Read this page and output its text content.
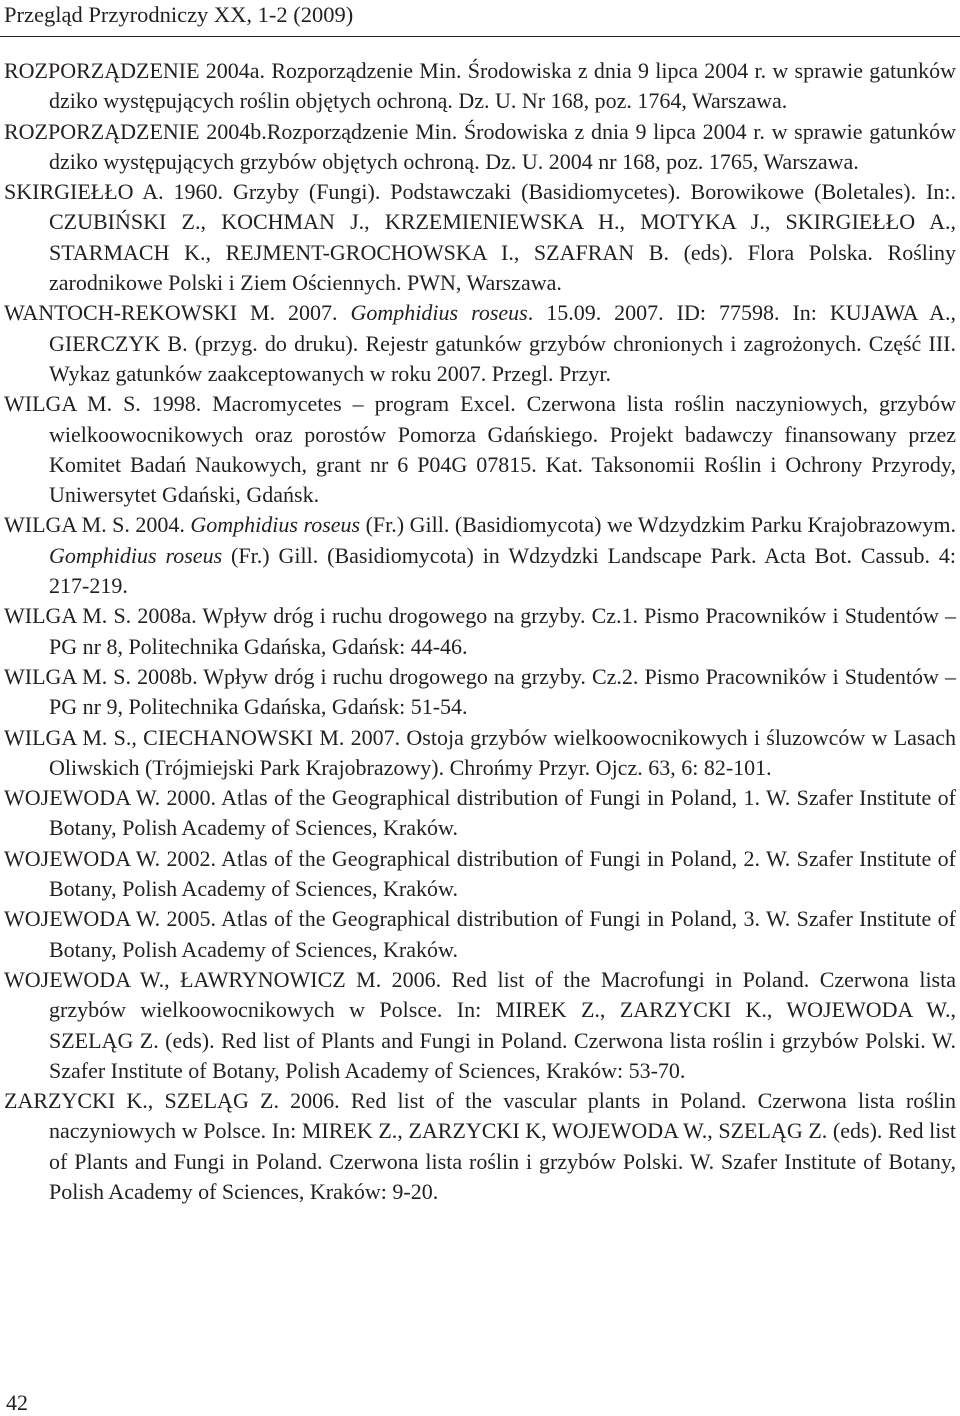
Przegląd Przyrodniczy XX, 1-2 (2009)
ROZPORZĄDZENIE 2004a. Rozporządzenie Min. Środowiska z dnia 9 lipca 2004 r. w sprawie gatunków dziko występujących roślin objętych ochroną. Dz. U. Nr 168, poz. 1764, Warszawa.
ROZPORZĄDZENIE 2004b.Rozporządzenie Min. Środowiska z dnia 9 lipca 2004 r. w sprawie gatunków dziko występujących grzybów objętych ochroną. Dz. U. 2004 nr 168, poz. 1765, Warszawa.
SKIRGIEŁŁO A. 1960. Grzyby (Fungi). Podstawczaki (Basidiomycetes). Borowikowe (Boletales). In:. CZUBIŃSKI Z., KOCHMAN J., KRZEMIENIEWSKA H., MOTYKA J., SKIRGIEŁŁO A., STARMACH K., REJMENT-GROCHOWSKA I., SZAFRAN B. (eds). Flora Polska. Rośliny zarodnikowe Polski i Ziem Ościennych. PWN, Warszawa.
WANTOCH-REKOWSKI M. 2007. Gomphidius roseus. 15.09. 2007. ID: 77598. In: KUJAWA A., GIERCZYK B. (przyg. do druku). Rejestr gatunków grzybów chronionych i zagrożonych. Część III. Wykaz gatunków zaakceptowanych w roku 2007. Przegl. Przyr.
WILGA M. S. 1998. Macromycetes – program Excel. Czerwona lista roślin naczyniowych, grzybów wielkoowocnikowych oraz porostów Pomorza Gdańskiego. Projekt badawczy finansowany przez Komitet Badań Naukowych, grant nr 6 P04G 07815. Kat. Taksonomii Roślin i Ochrony Przyrody, Uniwersytet Gdański, Gdańsk.
WILGA M. S. 2004. Gomphidius roseus (Fr.) Gill. (Basidiomycota) we Wdzydzkim Parku Krajobrazowym. Gomphidius roseus (Fr.) Gill. (Basidiomycota) in Wdzydzki Landscape Park. Acta Bot. Cassub. 4: 217-219.
WILGA M. S. 2008a. Wpływ dróg i ruchu drogowego na grzyby. Cz.1. Pismo Pracowników i Studentów – PG nr 8, Politechnika Gdańska, Gdańsk: 44-46.
WILGA M. S. 2008b. Wpływ dróg i ruchu drogowego na grzyby. Cz.2. Pismo Pracowników i Studentów – PG nr 9, Politechnika Gdańska, Gdańsk: 51-54.
WILGA M. S., CIECHANOWSKI M. 2007. Ostoja grzybów wielkoowocnikowych i śluzowców w Lasach Oliwskich (Trójmiejski Park Krajobrazowy). Chrońmy Przyr. Ojcz. 63, 6: 82-101.
WOJEWODA W. 2000. Atlas of the Geographical distribution of Fungi in Poland, 1. W. Szafer Institute of Botany, Polish Academy of Sciences, Kraków.
WOJEWODA W. 2002. Atlas of the Geographical distribution of Fungi in Poland, 2. W. Szafer Institute of Botany, Polish Academy of Sciences, Kraków.
WOJEWODA W. 2005. Atlas of the Geographical distribution of Fungi in Poland, 3. W. Szafer Institute of Botany, Polish Academy of Sciences, Kraków.
WOJEWODA W., ŁAWRYNOWICZ M. 2006. Red list of the Macrofungi in Poland. Czerwona lista grzybów wielkoowocnikowych w Polsce. In: MIREK Z., ZARZYCKI K., WOJEWODA W., SZELĄG Z. (eds). Red list of Plants and Fungi in Poland. Czerwona lista roślin i grzybów Polski. W. Szafer Institute of Botany, Polish Academy of Sciences, Kraków: 53-70.
ZARZYCKI K., SZELĄG Z. 2006. Red list of the vascular plants in Poland. Czerwona lista roślin naczyniowych w Polsce. In: MIREK Z., ZARZYCKI K, WOJEWODA W., SZELĄG Z. (eds). Red list of Plants and Fungi in Poland. Czerwona lista roślin i grzybów Polski. W. Szafer Institute of Botany, Polish Academy of Sciences, Kraków: 9-20.
42
